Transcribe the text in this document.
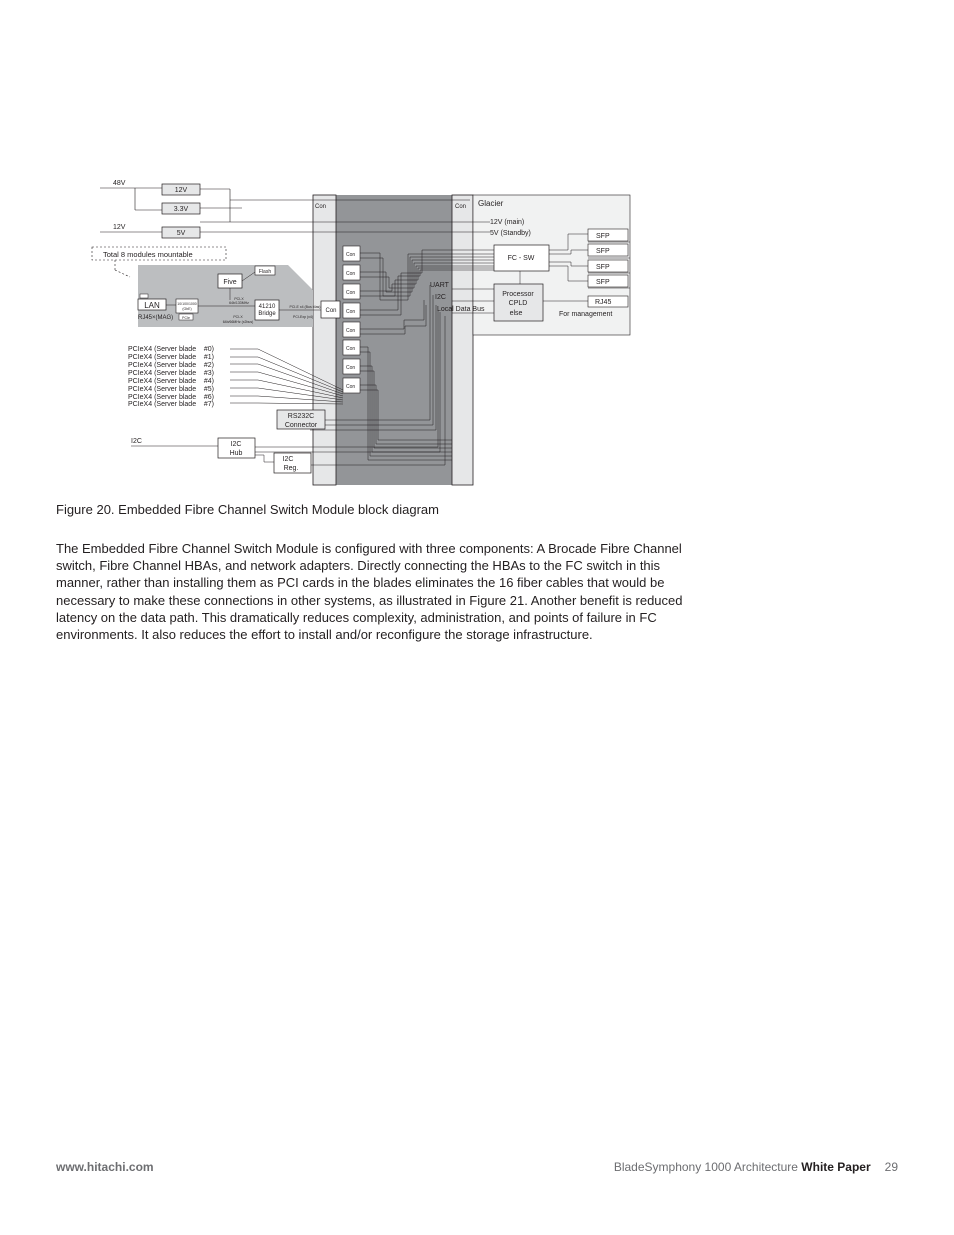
Con	Con
48V
12V
3.3V
12V
5V
Total 8 modules mountable
Five
Flash
LAN
RJ45×(MAG)
10/100/1000
(GbE)
PCIe
PCI-X
64b/133MHz
PCI-X
64b/66MHz (x2bus)
41210
Bridge
PCI-E x4 (Bus Mas)
PCI-Exp (x4)
Con
Con
Con
Con
Con
Con
Con
Con
Con
PCIeX4 (Server blade    #0)
PCIeX4 (Server blade    #1)
PCIeX4 (Server blade    #2)
PCIeX4 (Server blade    #3)
PCIeX4 (Server blade    #4)
PCIeX4 (Server blade    #5)
PCIeX4 (Server blade    #6)
PCIeX4 (Server blade    #7)
RS232C
Connector
I2C	I2C
Hub
I2C
Reg.
Glacier
12V (main)
5V (Standby)
FC - SW
SFP
SFP
SFP
SFP
UART
I2C
Local Data Bus
Processor
CPLD
else
RJ45
For management

Figure 20. Embedded Fibre Channel Switch Module block diagram

The Embedded Fibre Channel Switch Module is configured with three components: A Brocade Fibre Channel switch, Fibre Channel HBAs, and network adapters. Directly connecting the HBAs to the FC switch in this manner, rather than installing them as PCI cards in the blades eliminates the 16 fiber cables that would be necessary to make these connections in other systems, as illustrated in Figure 21. Another benefit is reduced latency on the data path. This dramatically reduces complexity, administration, and points of failure in FC environments. It also reduces the effort to install and/or reconfigure the storage infrastructure.

www.hitachi.com	BladeSymphony 1000 Architecture White Paper 29
